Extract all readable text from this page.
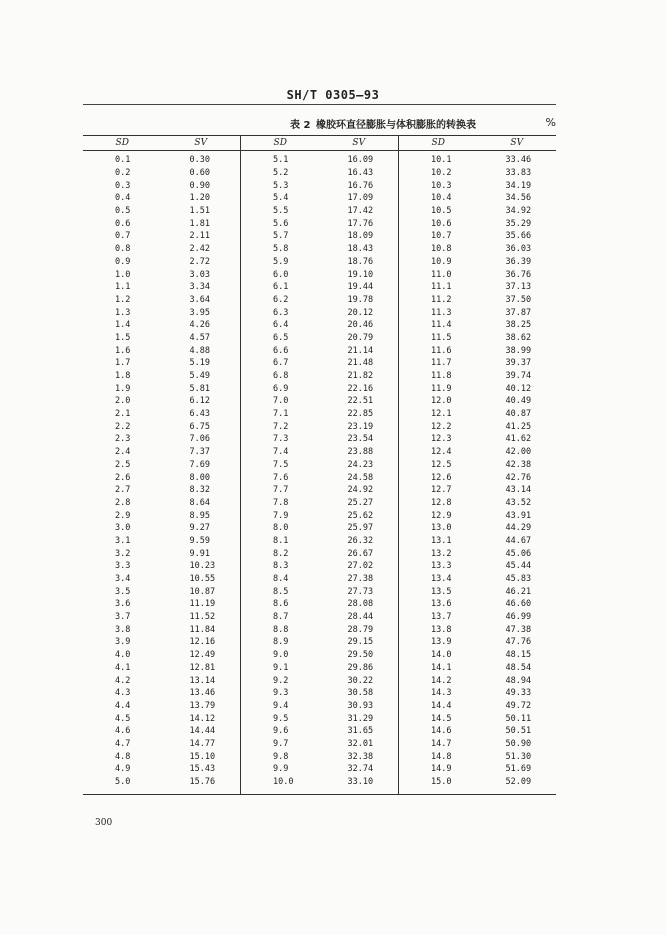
SH/T 0305—93
表 2 橡胶环直径膨胀与体积膨胀的转换表	%
SD	SV
0.1	0.30
0.2	0.60
0.3	0.90
0.4	1.20
0.5	1.51
0.6	1.81
0.7	2.11
0.8	2.42
0.9	2.72
1.0	3.03
1.1	3.34
1.2	3.64
1.3	3.95
1.4	4.26
1.5	4.57
1.6	4.88
1.7	5.19
1.8	5.49
1.9	5.81
2.0	6.12
2.1	6.43
2.2	6.75
2.3	7.06
2.4	7.37
2.5	7.69
2.6	8.00
2.7	8.32
2.8	8.64
2.9	8.95
3.0	9.27
3.1	9.59
3.2	9.91
3.3	10.23
3.4	10.55
3.5	10.87
3.6	11.19
3.7	11.52
3.8	11.84
3.9	12.16
4.0	12.49
4.1	12.81
4.2	13.14
4.3	13.46
4.4	13.79
4.5	14.12
4.6	14.44
4.7	14.77
4.8	15.10
4.9	15.43
5.0	15.76
SD	SV
5.1	16.09
5.2	16.43
5.3	16.76
5.4	17.09
5.5	17.42
5.6	17.76
5.7	18.09
5.8	18.43
5.9	18.76
6.0	19.10
6.1	19.44
6.2	19.78
6.3	20.12
6.4	20.46
6.5	20.79
6.6	21.14
6.7	21.48
6.8	21.82
6.9	22.16
7.0	22.51
7.1	22.85
7.2	23.19
7.3	23.54
7.4	23.88
7.5	24.23
7.6	24.58
7.7	24.92
7.8	25.27
7.9	25.62
8.0	25.97
8.1	26.32
8.2	26.67
8.3	27.02
8.4	27.38
8.5	27.73
8.6	28.08
8.7	28.44
8.8	28.79
8.9	29.15
9.0	29.50
9.1	29.86
9.2	30.22
9.3	30.58
9.4	30.93
9.5	31.29
9.6	31.65
9.7	32.01
9.8	32.38
9.9	32.74
10.0	33.10
SD	SV
10.1	33.46
10.2	33.83
10.3	34.19
10.4	34.56
10.5	34.92
10.6	35.29
10.7	35.66
10.8	36.03
10.9	36.39
11.0	36.76
11.1	37.13
11.2	37.50
11.3	37.87
11.4	38.25
11.5	38.62
11.6	38.99
11.7	39.37
11.8	39.74
11.9	40.12
12.0	40.49
12.1	40.87
12.2	41.25
12.3	41.62
12.4	42.00
12.5	42.38
12.6	42.76
12.7	43.14
12.8	43.52
12.9	43.91
13.0	44.29
13.1	44.67
13.2	45.06
13.3	45.44
13.4	45.83
13.5	46.21
13.6	46.60
13.7	46.99
13.8	47.38
13.9	47.76
14.0	48.15
14.1	48.54
14.2	48.94
14.3	49.33
14.4	49.72
14.5	50.11
14.6	50.51
14.7	50.90
14.8	51.30
14.9	51.69
15.0	52.09
300
